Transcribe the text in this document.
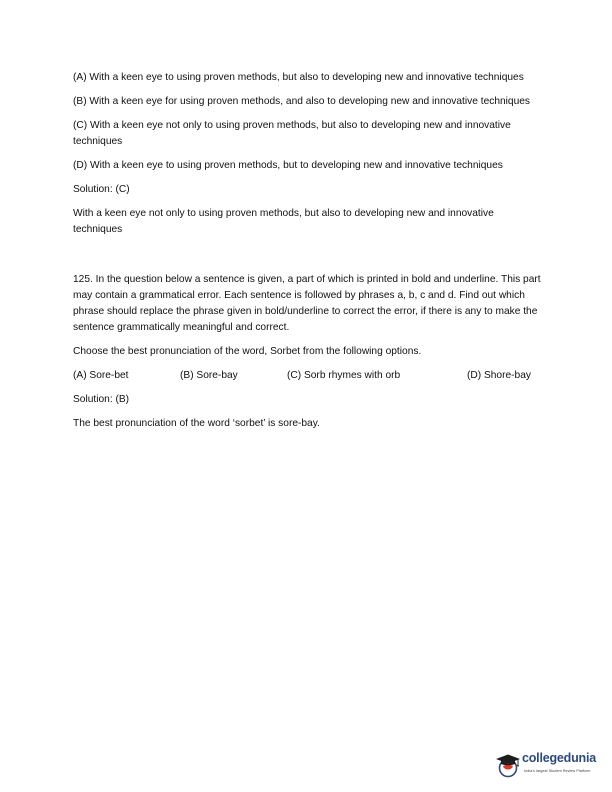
(A) With a keen eye to using proven methods, but also to developing new and innovative techniques

(B) With a keen eye for using proven methods, and also to developing new and innovative techniques

(C) With a keen eye not only to using proven methods, but also to developing new and innovative techniques

(D) With a keen eye to using proven methods, but to developing new and innovative techniques

Solution: (C)

With a keen eye not only to using proven methods, but also to developing new and innovative techniques

125. In the question below a sentence is given, a part of which is printed in bold and underline. This part may contain a grammatical error. Each sentence is followed by phrases a, b, c and d. Find out which phrase should replace the phrase given in bold/underline to correct the error, if there is any to make the sentence grammatically meaningful and correct.

Choose the best pronunciation of the word, Sorbet from the following options.

(A) Sore-bet	(B) Sore-bay	(C) Sorb rhymes with orb	(D) Shore-bay

Solution: (B)

The best pronunciation of the word ‘sorbet’ is sore-bay.

collegedunia
India's largest Student Review Platform
